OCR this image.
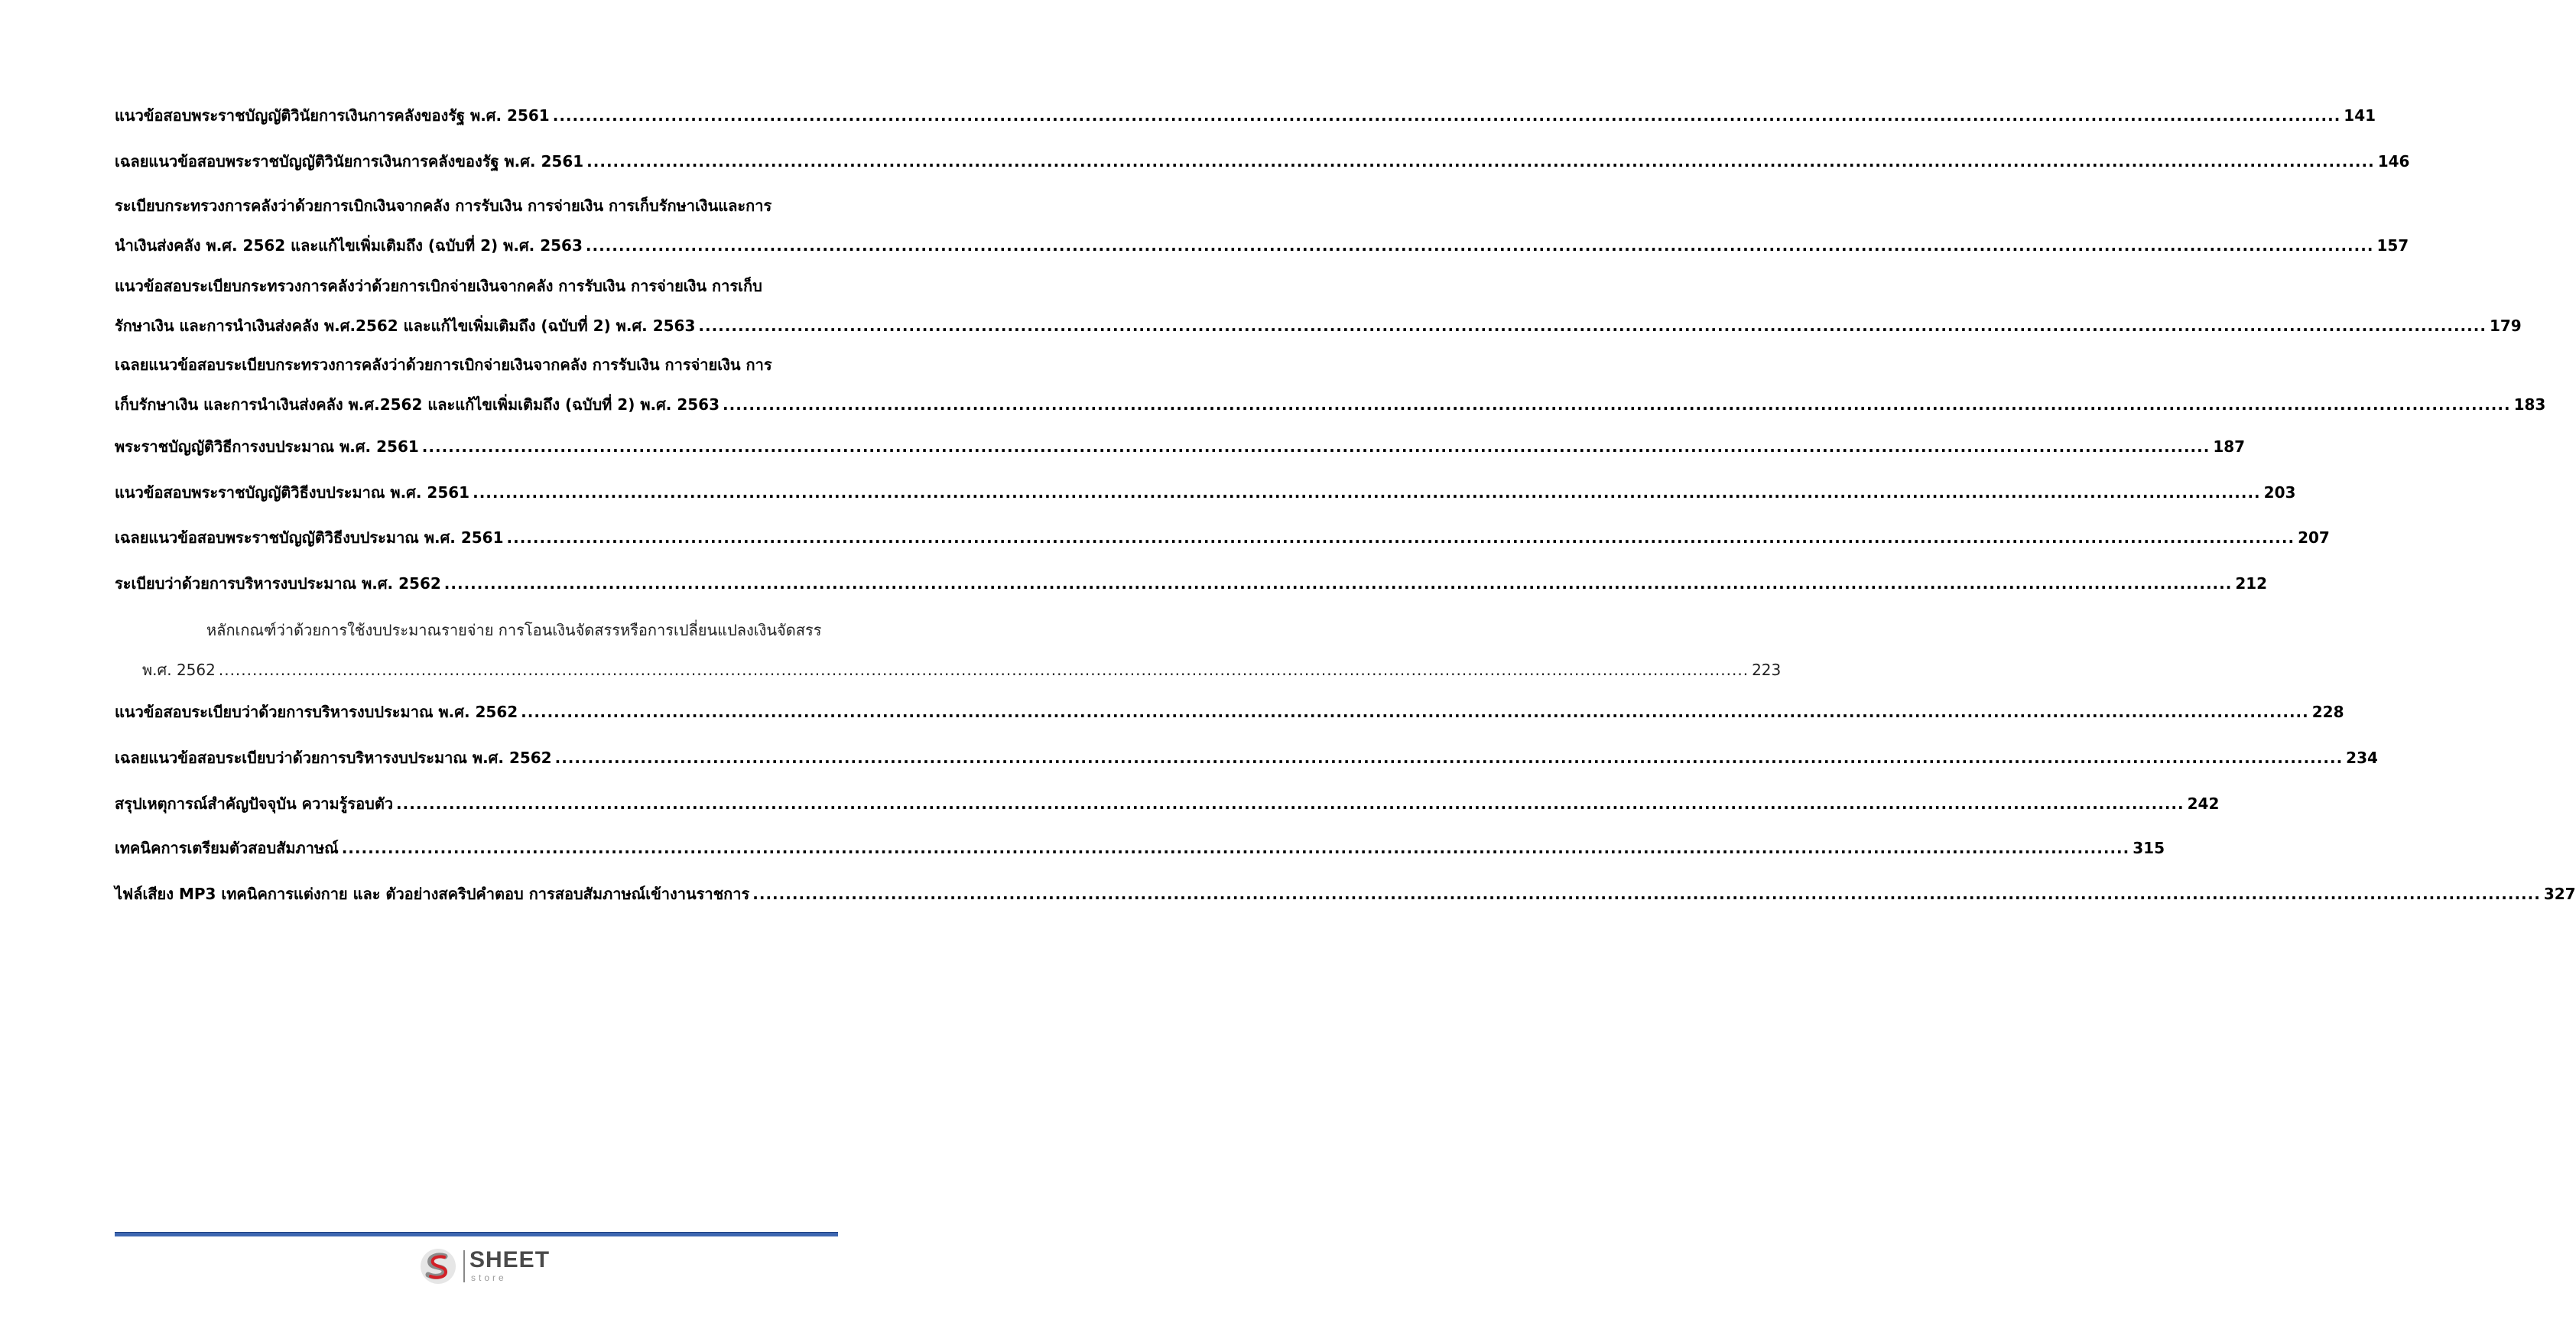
แนวข้อสอบพระราชบัญญัติวินัยการเงินการคลังของรัฐ พ.ศ. 2561 .....	141
เฉลยแนวข้อสอบพระราชบัญญัติวินัยการเงินการคลังของรัฐ พ.ศ. 2561 .....	146
ระเบียบกระทรวงการคลังว่าด้วยการเบิกเงินจากคลัง การรับเงิน การจ่ายเงิน การเก็บรักษาเงินและการ
นำเงินส่งคลัง พ.ศ. 2562 และแก้ไขเพิ่มเติมถึง (ฉบับที่ 2) พ.ศ. 2563 .....	157
แนวข้อสอบระเบียบกระทรวงการคลังว่าด้วยการเบิกจ่ายเงินจากคลัง การรับเงิน การจ่ายเงิน การเก็บ
รักษาเงิน และการนำเงินส่งคลัง พ.ศ.2562 และแก้ไขเพิ่มเติมถึง (ฉบับที่ 2) พ.ศ. 2563 .....	179
เฉลยแนวข้อสอบระเบียบกระทรวงการคลังว่าด้วยการเบิกจ่ายเงินจากคลัง การรับเงิน การจ่ายเงิน การ
เก็บรักษาเงิน และการนำเงินส่งคลัง พ.ศ.2562 และแก้ไขเพิ่มเติมถึง (ฉบับที่ 2) พ.ศ. 2563 .....	183
พระราชบัญญัติวิธีการงบประมาณ พ.ศ. 2561 .....	187
แนวข้อสอบพระราชบัญญัติวิธีงบประมาณ พ.ศ. 2561 .....	203
เฉลยแนวข้อสอบพระราชบัญญัติวิธีงบประมาณ พ.ศ. 2561 .....	207
ระเบียบว่าด้วยการบริหารงบประมาณ พ.ศ. 2562 .....	212
หลักเกณฑ์ว่าด้วยการใช้งบประมาณรายจ่าย การโอนเงินจัดสรรหรือการเปลี่ยนแปลงเงินจัดสรร
พ.ศ. 2562 .....	223
แนวข้อสอบระเบียบว่าด้วยการบริหารงบประมาณ พ.ศ. 2562 .....	228
เฉลยแนวข้อสอบระเบียบว่าด้วยการบริหารงบประมาณ พ.ศ. 2562 .....	234
สรุปเหตุการณ์สำคัญปัจจุบัน ความรู้รอบตัว .....	242
เทคนิคการเตรียมตัวสอบสัมภาษณ์ .....	315
ไฟล์เสียง MP3 เทคนิคการแต่งกาย และ ตัวอย่างสคริปคำตอบ การสอบสัมภาษณ์เข้างานราชการ .....	327
SHEET
store
